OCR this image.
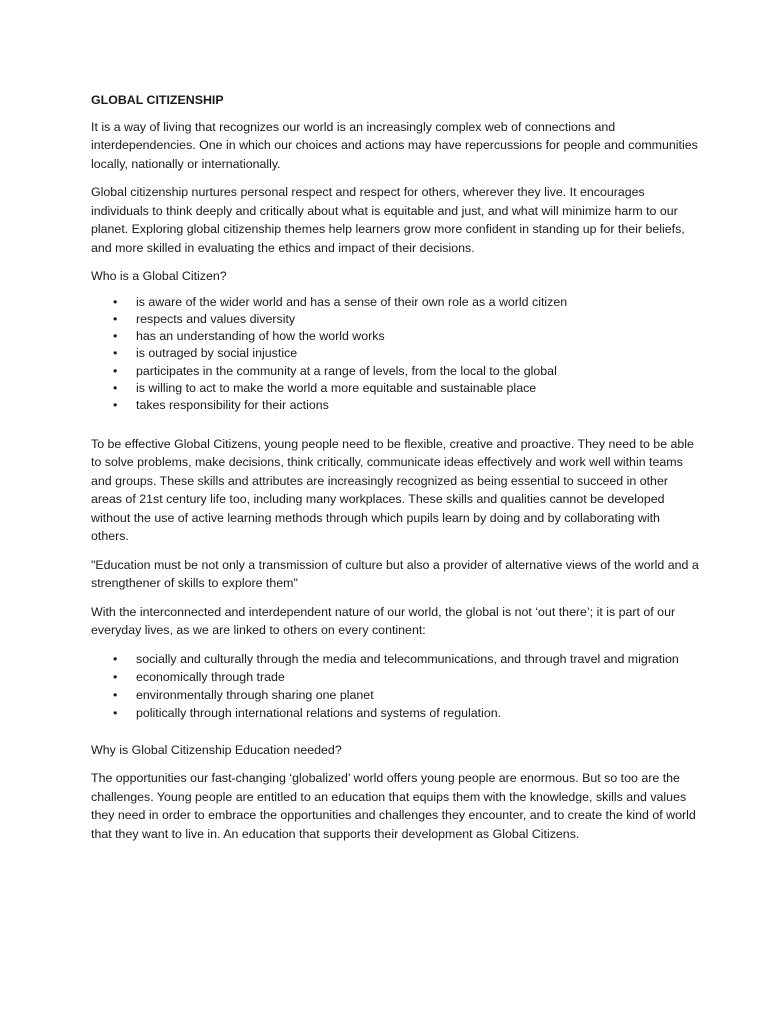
GLOBAL CITIZENSHIP

It is a way of living that recognizes our world is an increasingly complex web of connections and interdependencies. One in which our choices and actions may have repercussions for people and communities locally, nationally or internationally.

Global citizenship nurtures personal respect and respect for others, wherever they live. It encourages individuals to think deeply and critically about what is equitable and just, and what will minimize harm to our planet. Exploring global citizenship themes help learners grow more confident in standing up for their beliefs, and more skilled in evaluating the ethics and impact of their decisions.

Who is a Global Citizen?
• is aware of the wider world and has a sense of their own role as a world citizen
• respects and values diversity
• has an understanding of how the world works
• is outraged by social injustice
• participates in the community at a range of levels, from the local to the global
• is willing to act to make the world a more equitable and sustainable place
• takes responsibility for their actions

To be effective Global Citizens, young people need to be flexible, creative and proactive. They need to be able to solve problems, make decisions, think critically, communicate ideas effectively and work well within teams and groups. These skills and attributes are increasingly recognized as being essential to succeed in other areas of 21st century life too, including many workplaces. These skills and qualities cannot be developed without the use of active learning methods through which pupils learn by doing and by collaborating with others.

"Education must be not only a transmission of culture but also a provider of alternative views of the world and a strengthener of skills to explore them"

With the interconnected and interdependent nature of our world, the global is not ‘out there’; it is part of our everyday lives, as we are linked to others on every continent:

• socially and culturally through the media and telecommunications, and through travel and migration
• economically through trade
• environmentally through sharing one planet
• politically through international relations and systems of regulation.
Why is Global Citizenship Education needed?

The opportunities our fast-changing ‘globalized’ world offers young people are enormous. But so too are the challenges. Young people are entitled to an education that equips them with the knowledge, skills and values they need in order to embrace the opportunities and challenges they encounter, and to create the kind of world that they want to live in. An education that supports their development as Global Citizens.
